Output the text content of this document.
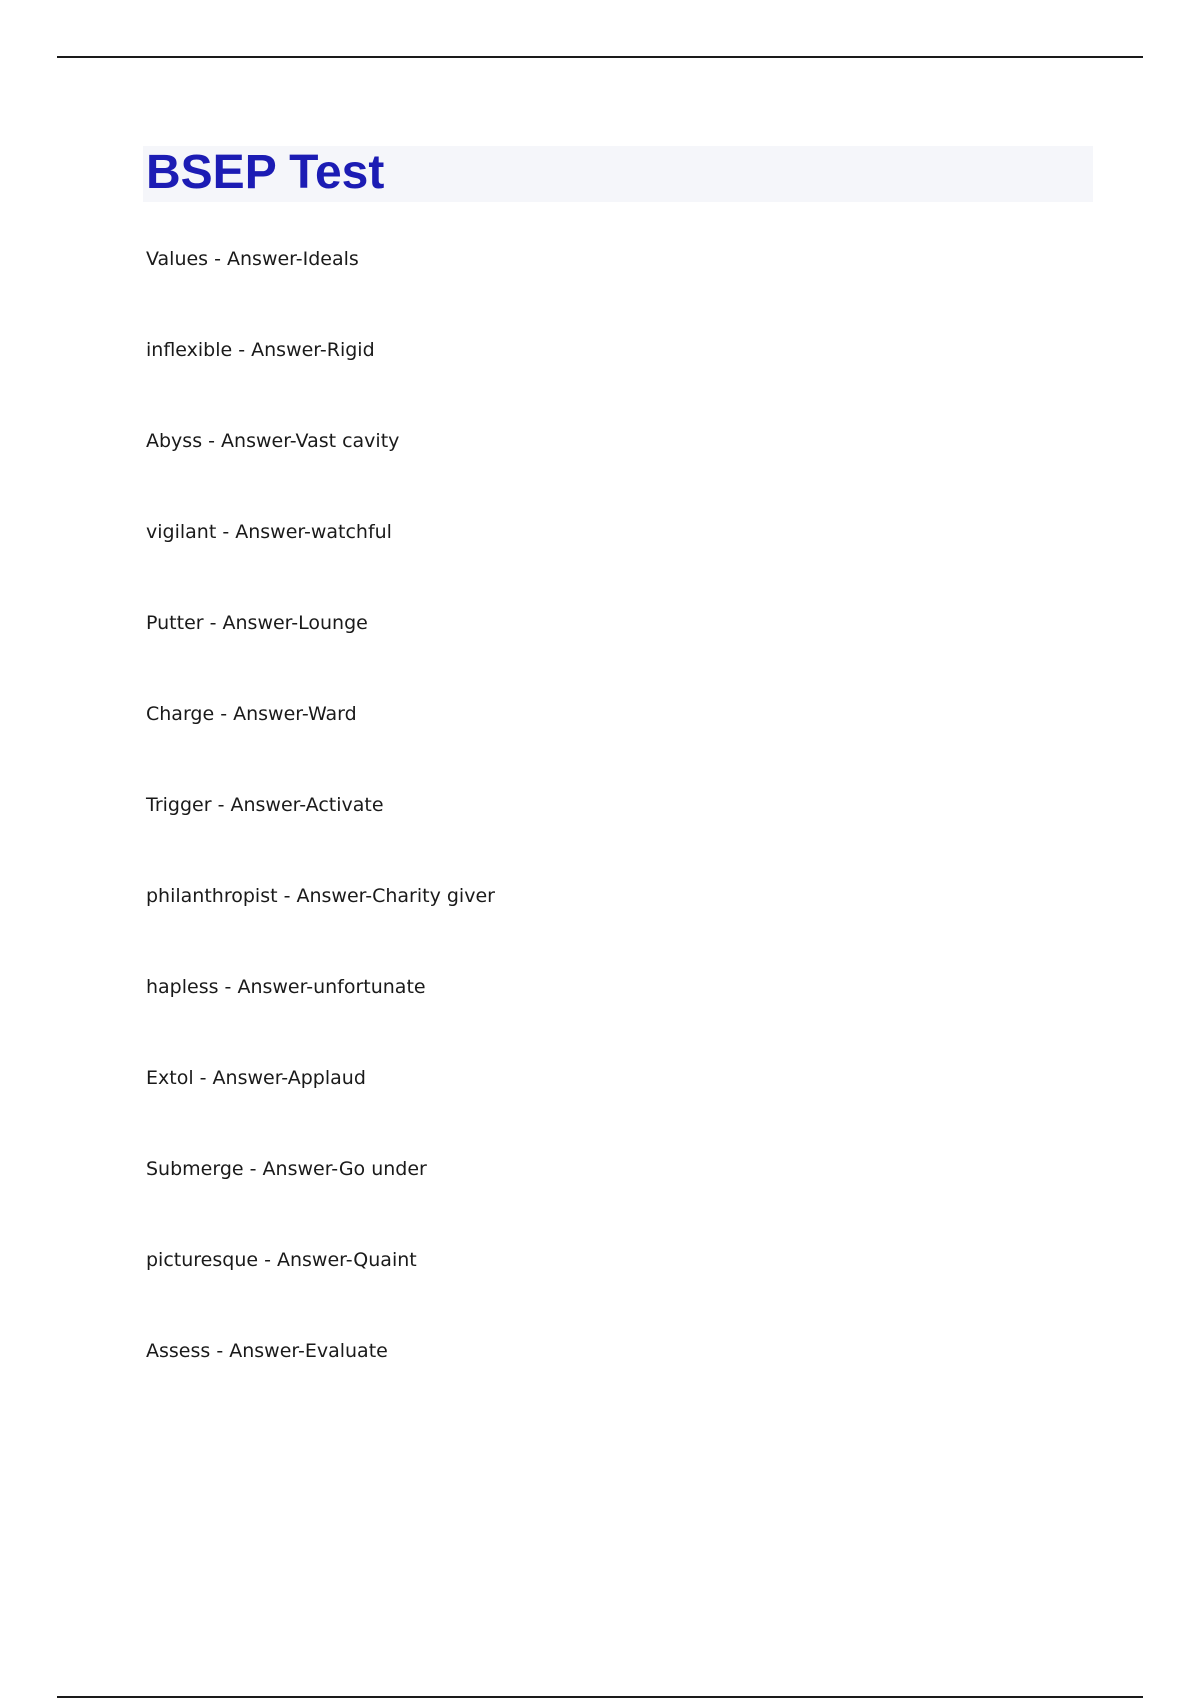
BSEP Test
Values - Answer-Ideals
inflexible - Answer-Rigid
Abyss - Answer-Vast cavity
vigilant - Answer-watchful
Putter - Answer-Lounge
Charge - Answer-Ward
Trigger - Answer-Activate
philanthropist - Answer-Charity giver
hapless - Answer-unfortunate
Extol - Answer-Applaud
Submerge - Answer-Go under
picturesque - Answer-Quaint
Assess - Answer-Evaluate
